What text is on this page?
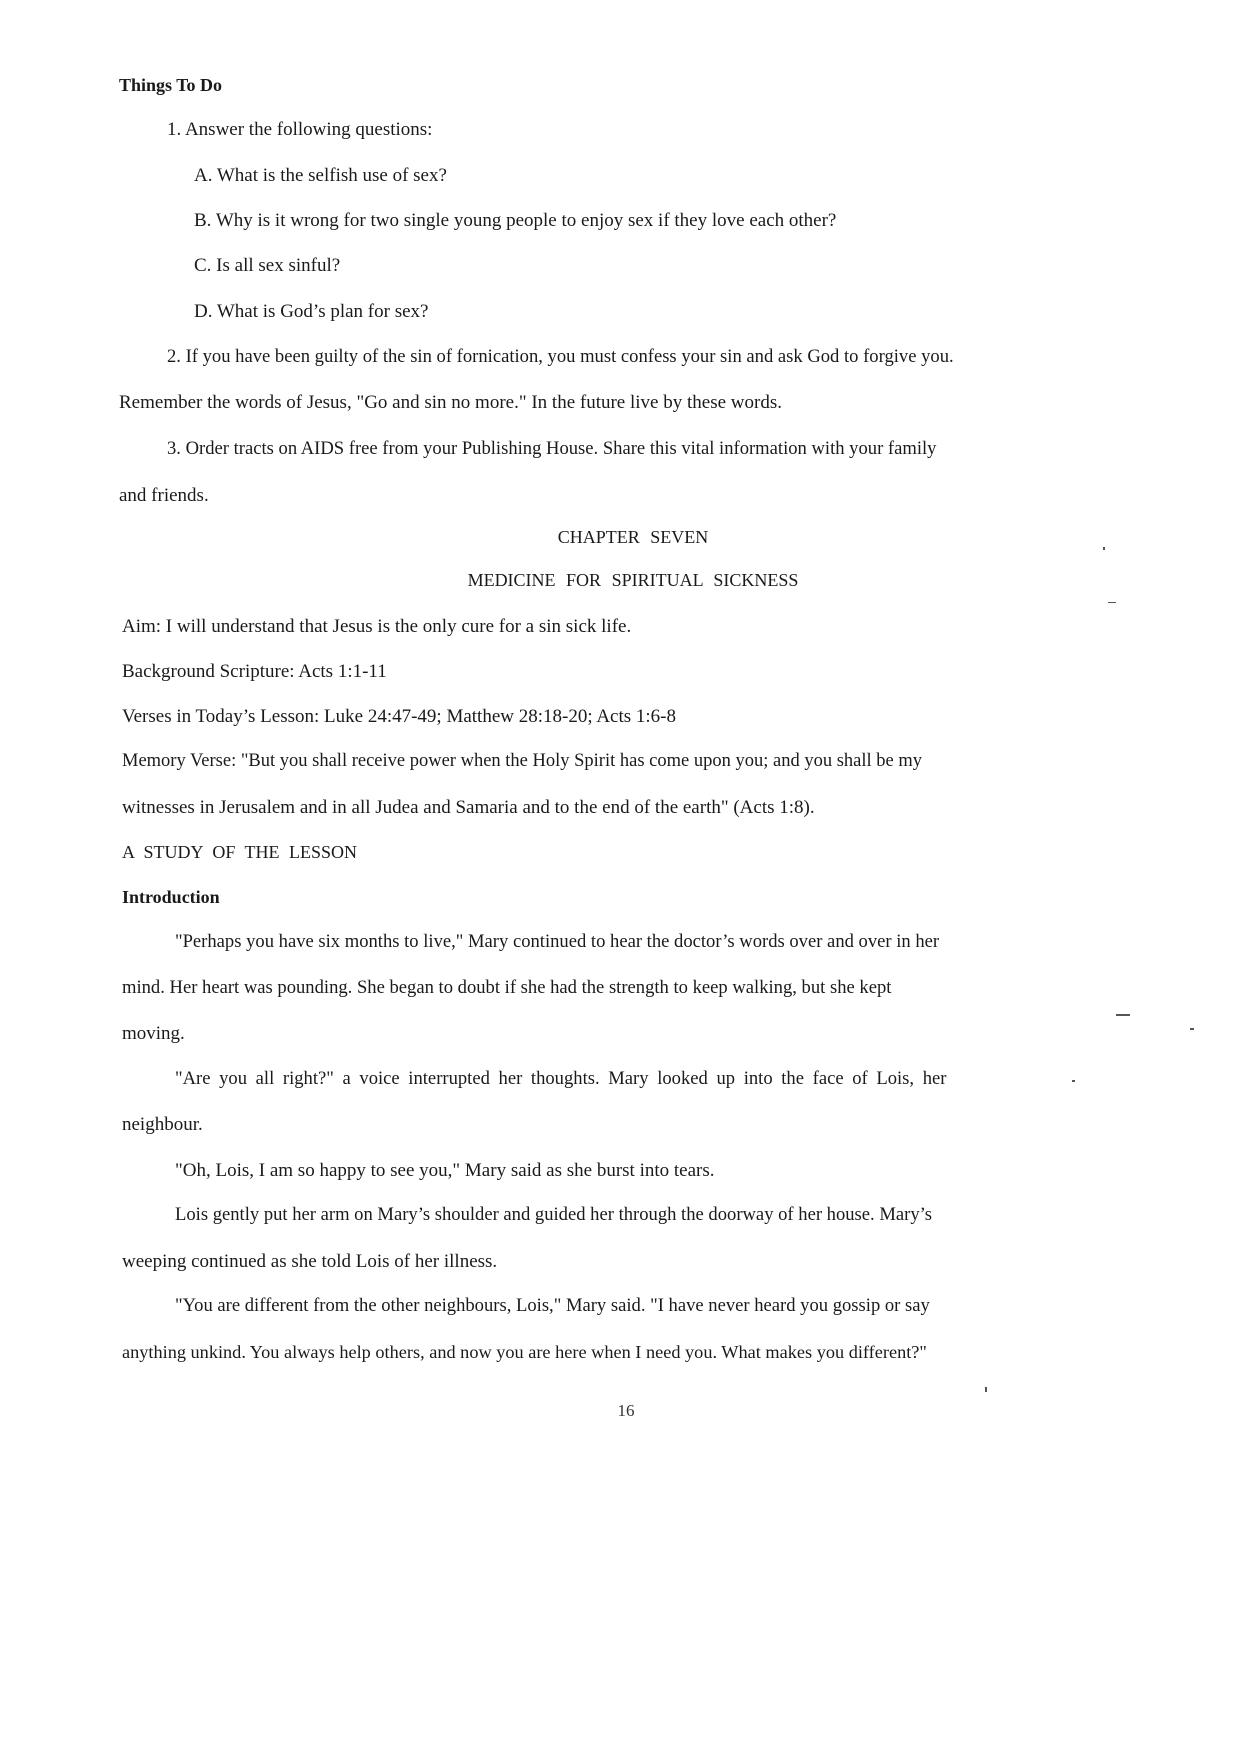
Things To Do
1. Answer the following questions:
A. What is the selfish use of sex?
B. Why is it wrong for two single young people to enjoy sex if they love each other?
C. Is all sex sinful?
D. What is God’s plan for sex?
2. If you have been guilty of the sin of fornication, you must confess your sin and ask God to forgive you.
Remember the words of Jesus, "Go and sin no more." In the future live by these words.
3. Order tracts on AIDS free from your Publishing House. Share this vital information with your family
and friends.
CHAPTER SEVEN
MEDICINE FOR SPIRITUAL SICKNESS
Aim: I will understand that Jesus is the only cure for a sin sick life.
Background Scripture: Acts 1:1-11
Verses in Today’s Lesson: Luke 24:47-49; Matthew 28:18-20; Acts 1:6-8
Memory Verse: "But you shall receive power when the Holy Spirit has come upon you; and you shall be my
witnesses in Jerusalem and in all Judea and Samaria and to the end of the earth" (Acts 1:8).
A STUDY OF THE LESSON
Introduction
"Perhaps you have six months to live," Mary continued to hear the doctor’s words over and over in her
mind. Her heart was pounding. She began to doubt if she had the strength to keep walking, but she kept
moving.
"Are you all right?" a voice interrupted her thoughts. Mary looked up into the face of Lois, her
neighbour.
"Oh, Lois, I am so happy to see you," Mary said as she burst into tears.
Lois gently put her arm on Mary’s shoulder and guided her through the doorway of her house. Mary’s
weeping continued as she told Lois of her illness.
"You are different from the other neighbours, Lois," Mary said. "I have never heard you gossip or say
anything unkind. You always help others, and now you are here when I need you. What makes you different?"
16
